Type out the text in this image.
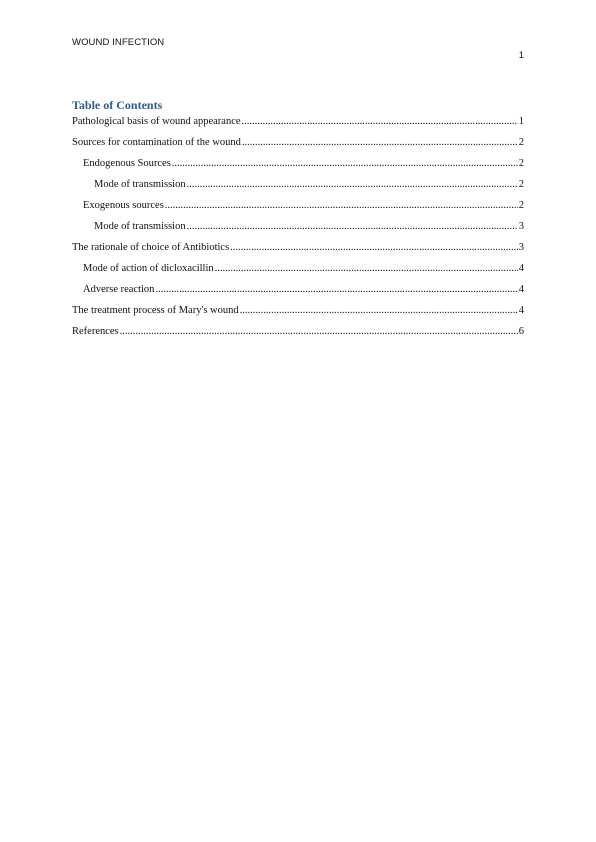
WOUND INFECTION
1
Table of Contents
Pathological basis of wound appearance .....	1
Sources for contamination of the wound .....	2
Endogenous Sources .....	2
Mode of transmission .....	2
Exogenous sources .....	2
Mode of transmission .....	3
The rationale of choice of Antibiotics .....	3
Mode of action of dicloxacillin .....	4
Adverse reaction .....	4
The treatment process of Mary's wound .....	4
References .....	6
